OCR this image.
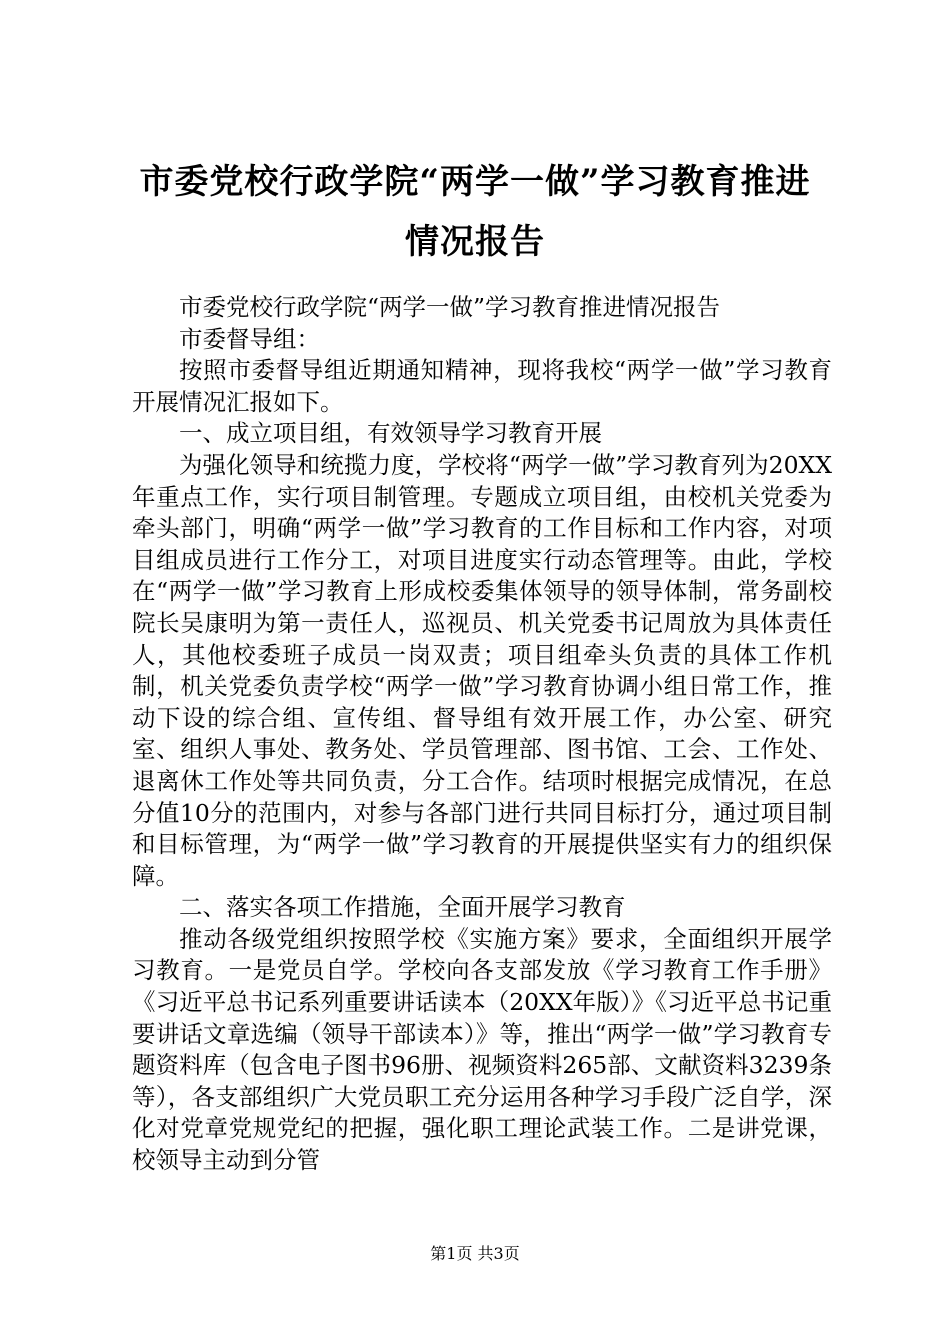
市委党校行政学院“两学一做”学习教育推进
情况报告

市委党校行政学院“两学一做”学习教育推进情况报告

市委督导组：

按照市委督导组近期通知精神，现将我校“两学一做”学习教育开展情况汇报如下。

一、成立项目组，有效领导学习教育开展

为强化领导和统揽力度，学校将“两学一做”学习教育列为20XX年重点工作，实行项目制管理。专题成立项目组，由校机关党委为牵头部门，明确“两学一做”学习教育的工作目标和工作内容，对项目组成员进行工作分工，对项目进度实行动态管理等。由此，学校在“两学一做”学习教育上形成校委集体领导的领导体制，常务副校院长吴康明为第一责任人，巡视员、机关党委书记周放为具体责任人，其他校委班子成员一岗双责；项目组牵头负责的具体工作机制，机关党委负责学校“两学一做”学习教育协调小组日常工作，推动下设的综合组、宣传组、督导组有效开展工作，办公室、研究室、组织人事处、教务处、学员管理部、图书馆、工会、工作处、退离休工作处等共同负责，分工合作。结项时根据完成情况，在总分值10分的范围内，对参与各部门进行共同目标打分，通过项目制和目标管理，为“两学一做”学习教育的开展提供坚实有力的组织保障。

二、落实各项工作措施，全面开展学习教育

推动各级党组织按照学校《实施方案》要求，全面组织开展学习教育。一是党员自学。学校向各支部发放《学习教育工作手册》《习近平总书记系列重要讲话读本（20XX年版）》《习近平总书记重要讲话文章选编（领导干部读本）》等，推出“两学一做”学习教育专题资料库（包含电子图书96册、视频资料265部、文献资料3239条等），各支部组织广大党员职工充分运用各种学习手段广泛自学，深化对党章党规党纪的把握，强化职工理论武装工作。二是讲党课，校领导主动到分管

第1页 共3页
